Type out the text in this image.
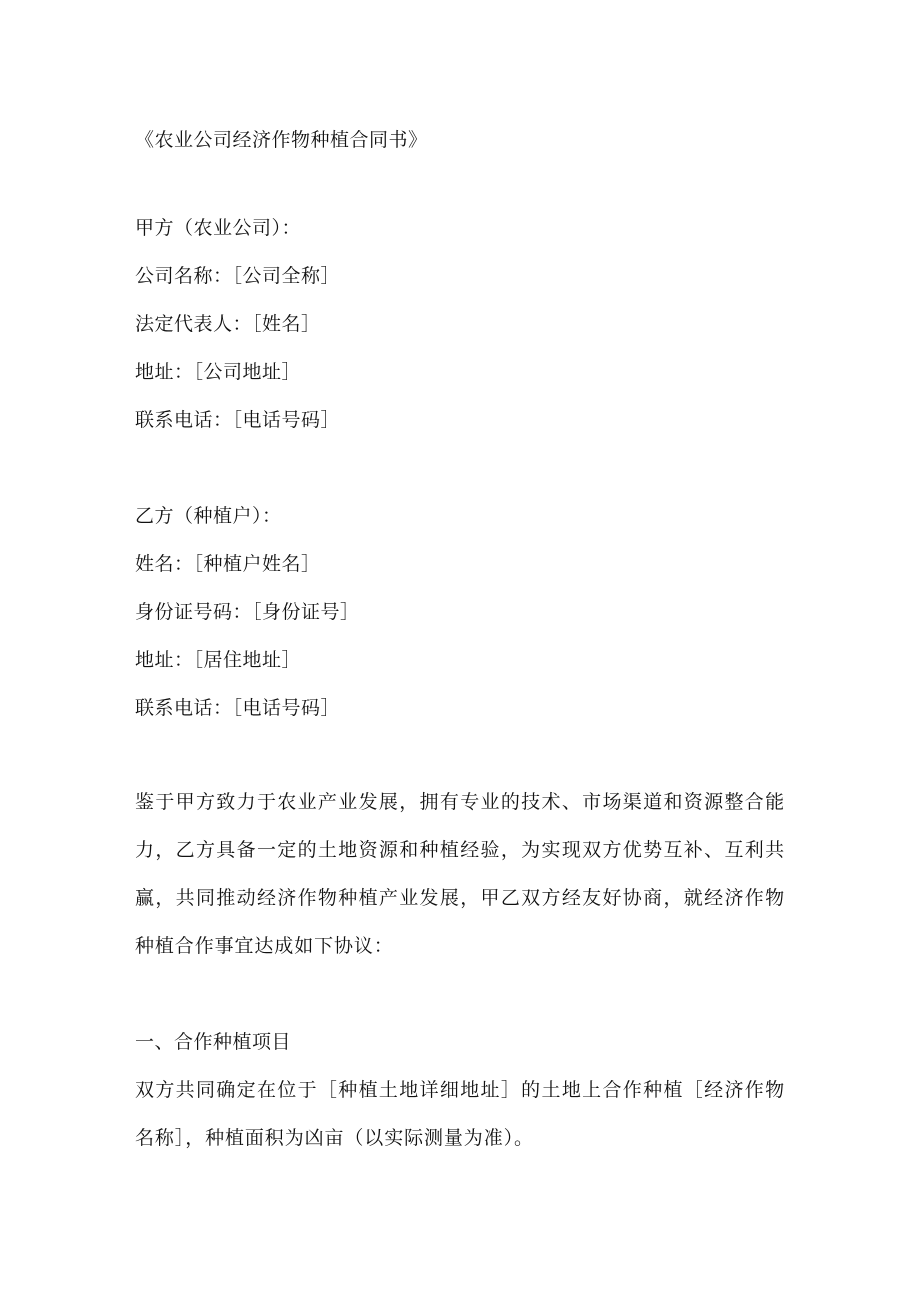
《农业公司经济作物种植合同书》
甲方（农业公司）：
公司名称：［公司全称］
法定代表人：［姓名］
地址：［公司地址］
联系电话：［电话号码］
乙方（种植户）：
姓名：［种植户姓名］
身份证号码：［身份证号］
地址：［居住地址］
联系电话：［电话号码］
鉴于甲方致力于农业产业发展，拥有专业的技术、市场渠道和资源整合能力，乙方具备一定的土地资源和种植经验，为实现双方优势互补、互利共赢，共同推动经济作物种植产业发展，甲乙双方经友好协商，就经济作物种植合作事宜达成如下协议：
一、合作种植项目
双方共同确定在位于［种植土地详细地址］的土地上合作种植［经济作物名称］，种植面积为凶亩（以实际测量为准）。
